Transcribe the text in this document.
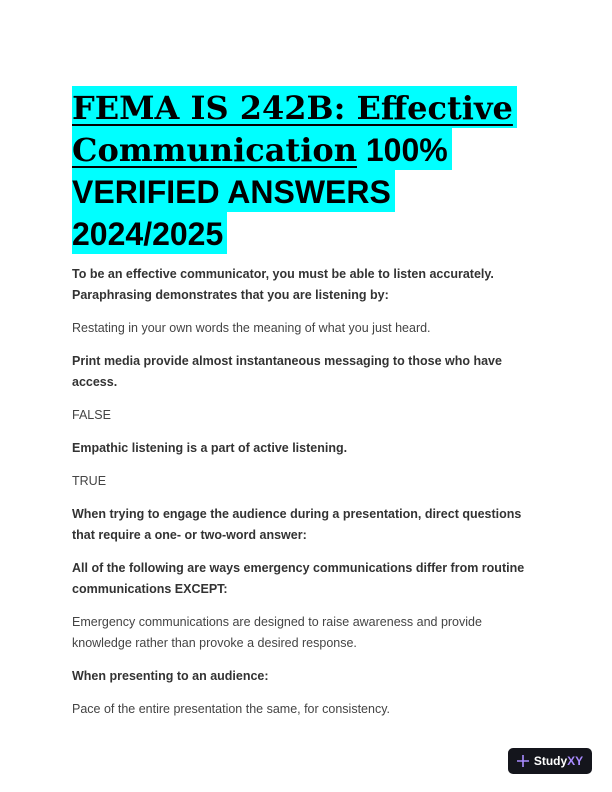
FEMA IS 242B: Effective
Communication 100%
VERIFIED ANSWERS
2024/2025

To be an effective communicator, you must be able to listen accurately. Paraphrasing demonstrates that you are listening by:

Restating in your own words the meaning of what you just heard.

Print media provide almost instantaneous messaging to those who have access.

FALSE

Empathic listening is a part of active listening.

TRUE

When trying to engage the audience during a presentation, direct questions that require a one- or two-word answer:

All of the following are ways emergency communications differ from routine communications EXCEPT:

Emergency communications are designed to raise awareness and provide knowledge rather than provoke a desired response.

When presenting to an audience:

Pace of the entire presentation the same, for consistency.

Study XY
